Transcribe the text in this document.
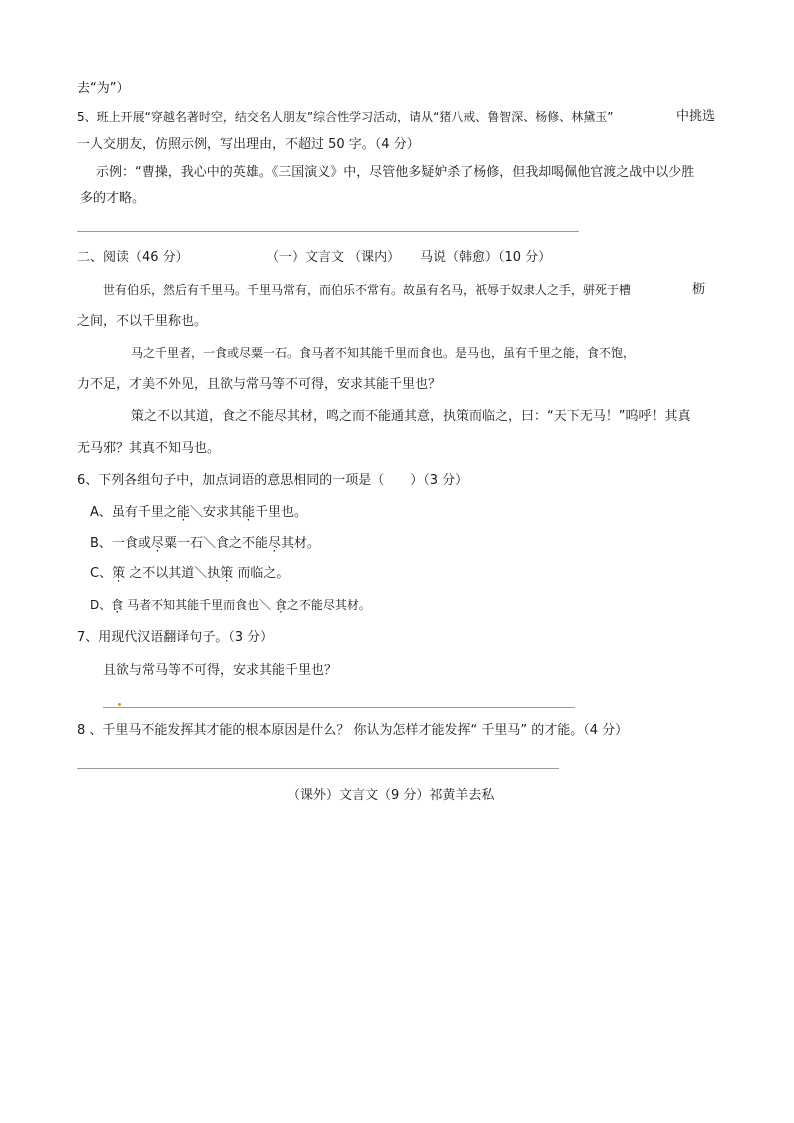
去“为”）
5、班上开展“穿越名著时空，结交名人朋友”综合性学习活动，请从“猪八戒、鲁智深、杨修、林黛玉”	中挑选
一人交朋友，仿照示例，写出理由，不超过 50 字。（4 分）
示例：“曹操，我心中的英雄。《三国演义》中，尽管他多疑妒杀了杨修，但我却喝佩他官渡之战中以少胜
多的才略。
二、阅读（46 分）	（一）文言文 （课内） 马说（韩愈）（10 分）
世有伯乐，然后有千里马。千里马常有，而伯乐不常有。故虽有名马，祇辱于奴隶人之手，骈死于槽	枥
之间，不以千里称也。
马之千里者，一食或尽粟一石。食马者不知其能千里而食也。是马也，虽有千里之能，食不饱，
力不足，才美不外见，且欲与常马等不可得，安求其能千里也？
策之不以其道，食之不能尽其材，鸣之而不能通其意，执策而临之，曰：“天下无马！”呜呼！其真
无马邪？其真不知马也。
6、下列各组句子中，加点词语的意思相同的一项是（　　）（3 分）
A、虽有千里之能＼安求其能千里也。
B、一食或尽粟一石＼食之不能尽其材。
C、策 之不以其道＼执策 而临之。
D、食 马者不知其能千里而食也＼ 食之不能尽其材。
7、用现代汉语翻译句子。（3 分）
且欲与常马等不可得，安求其能千里也？
8 、千里马不能发挥其才能的根本原因是什么？ 你认为怎样才能发挥“ 千里马” 的才能。（4 分）
（课外）文言文（9 分）祁黄羊去私
